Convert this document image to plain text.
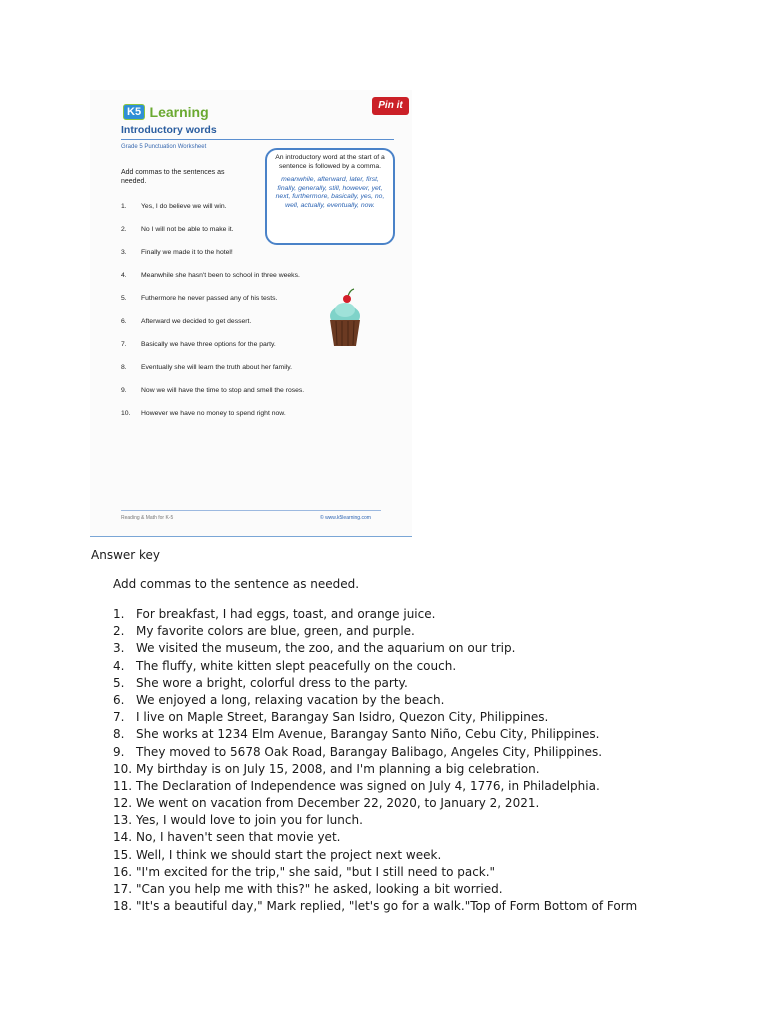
K5 Learning	Pin it
Introductory words
Grade 5 Punctuation Worksheet
Add commas to the sentences as needed.
An introductory word at the start of a sentence is followed by a comma.
meanwhile, afterward, later, first, finally, generally, still, however, yet, next, furthermore, basically, yes, no, well, actually, eventually, now.
1. Yes, I do believe we will win.
2. No I will not be able to make it.
3. Finally we made it to the hotel!
4. Meanwhile she hasn't been to school in three weeks.
5. Futhermore he never passed any of his tests.
6. Afterward we decided to get dessert.
7. Basically we have three options for the party.
8. Eventually she will learn the truth about her family.
9. Now we will have the time to stop and smell the roses.
10. However we have no money to spend right now.
Reading & Math for K-5	© www.k5learning.com
Answer key
Add commas to the sentence as needed.
1. For breakfast, I had eggs, toast, and orange juice.
2. My favorite colors are blue, green, and purple.
3. We visited the museum, the zoo, and the aquarium on our trip.
4. The fluffy, white kitten slept peacefully on the couch.
5. She wore a bright, colorful dress to the party.
6. We enjoyed a long, relaxing vacation by the beach.
7. I live on Maple Street, Barangay San Isidro, Quezon City, Philippines.
8. She works at 1234 Elm Avenue, Barangay Santo Niño, Cebu City, Philippines.
9. They moved to 5678 Oak Road, Barangay Balibago, Angeles City, Philippines.
10. My birthday is on July 15, 2008, and I'm planning a big celebration.
11. The Declaration of Independence was signed on July 4, 1776, in Philadelphia.
12. We went on vacation from December 22, 2020, to January 2, 2021.
13. Yes, I would love to join you for lunch.
14. No, I haven't seen that movie yet.
15. Well, I think we should start the project next week.
16. "I'm excited for the trip," she said, "but I still need to pack."
17. "Can you help me with this?" he asked, looking a bit worried.
18. "It's a beautiful day," Mark replied, "let's go for a walk."Top of Form Bottom of Form
